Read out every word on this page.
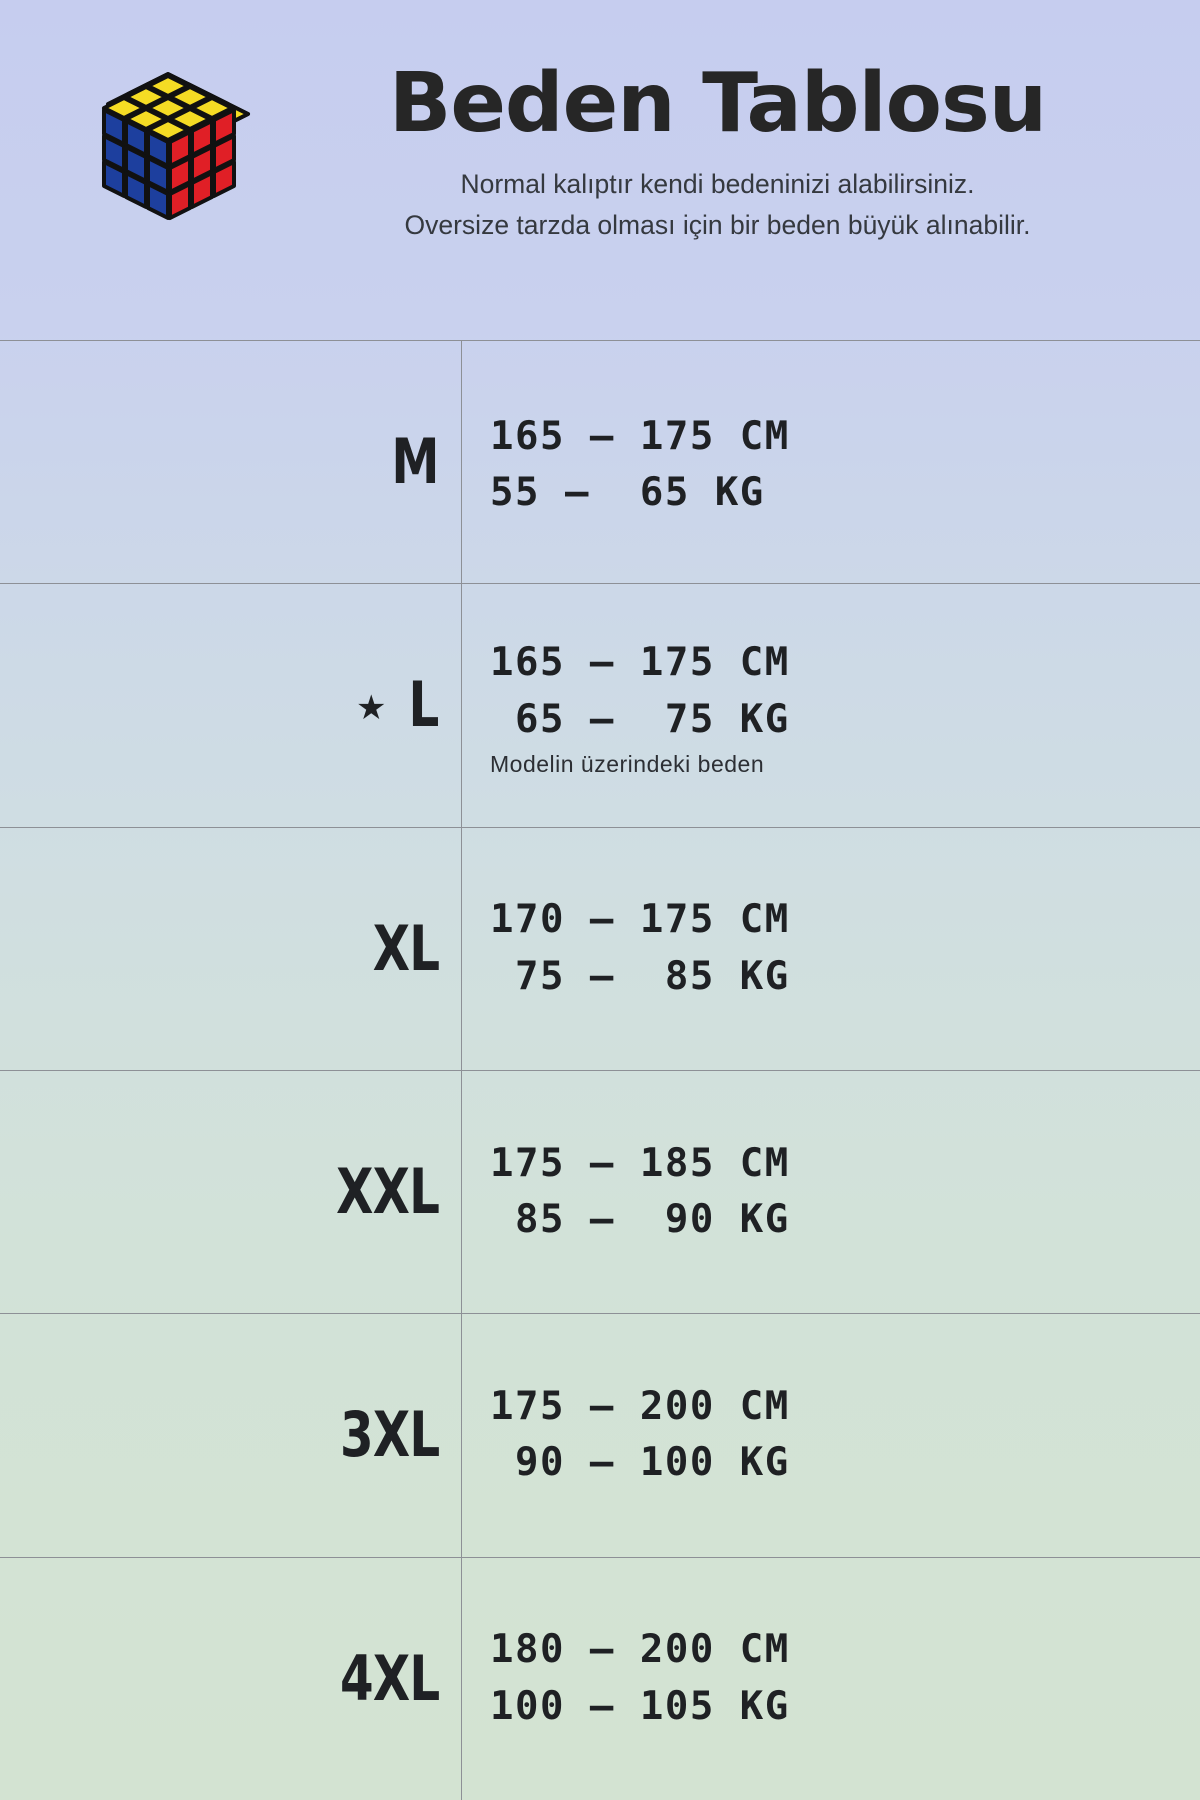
Beden Tablosu
Normal kalıptır kendi bedeninizi alabilirsiniz.
Oversize tarzda olması için bir beden büyük alınabilir.
M 165 – 175 CM
55 –  65 KG
★ L
165 – 175 CM
65 –  75 KG
Modelin üzerindeki beden
XL 170 – 175 CM
75 –  85 KG
XXL 175 – 185 CM
85 –  90 KG
3XL 175 – 200 CM
90 – 100 KG
4XL 180 – 200 CM
100 – 105 KG
